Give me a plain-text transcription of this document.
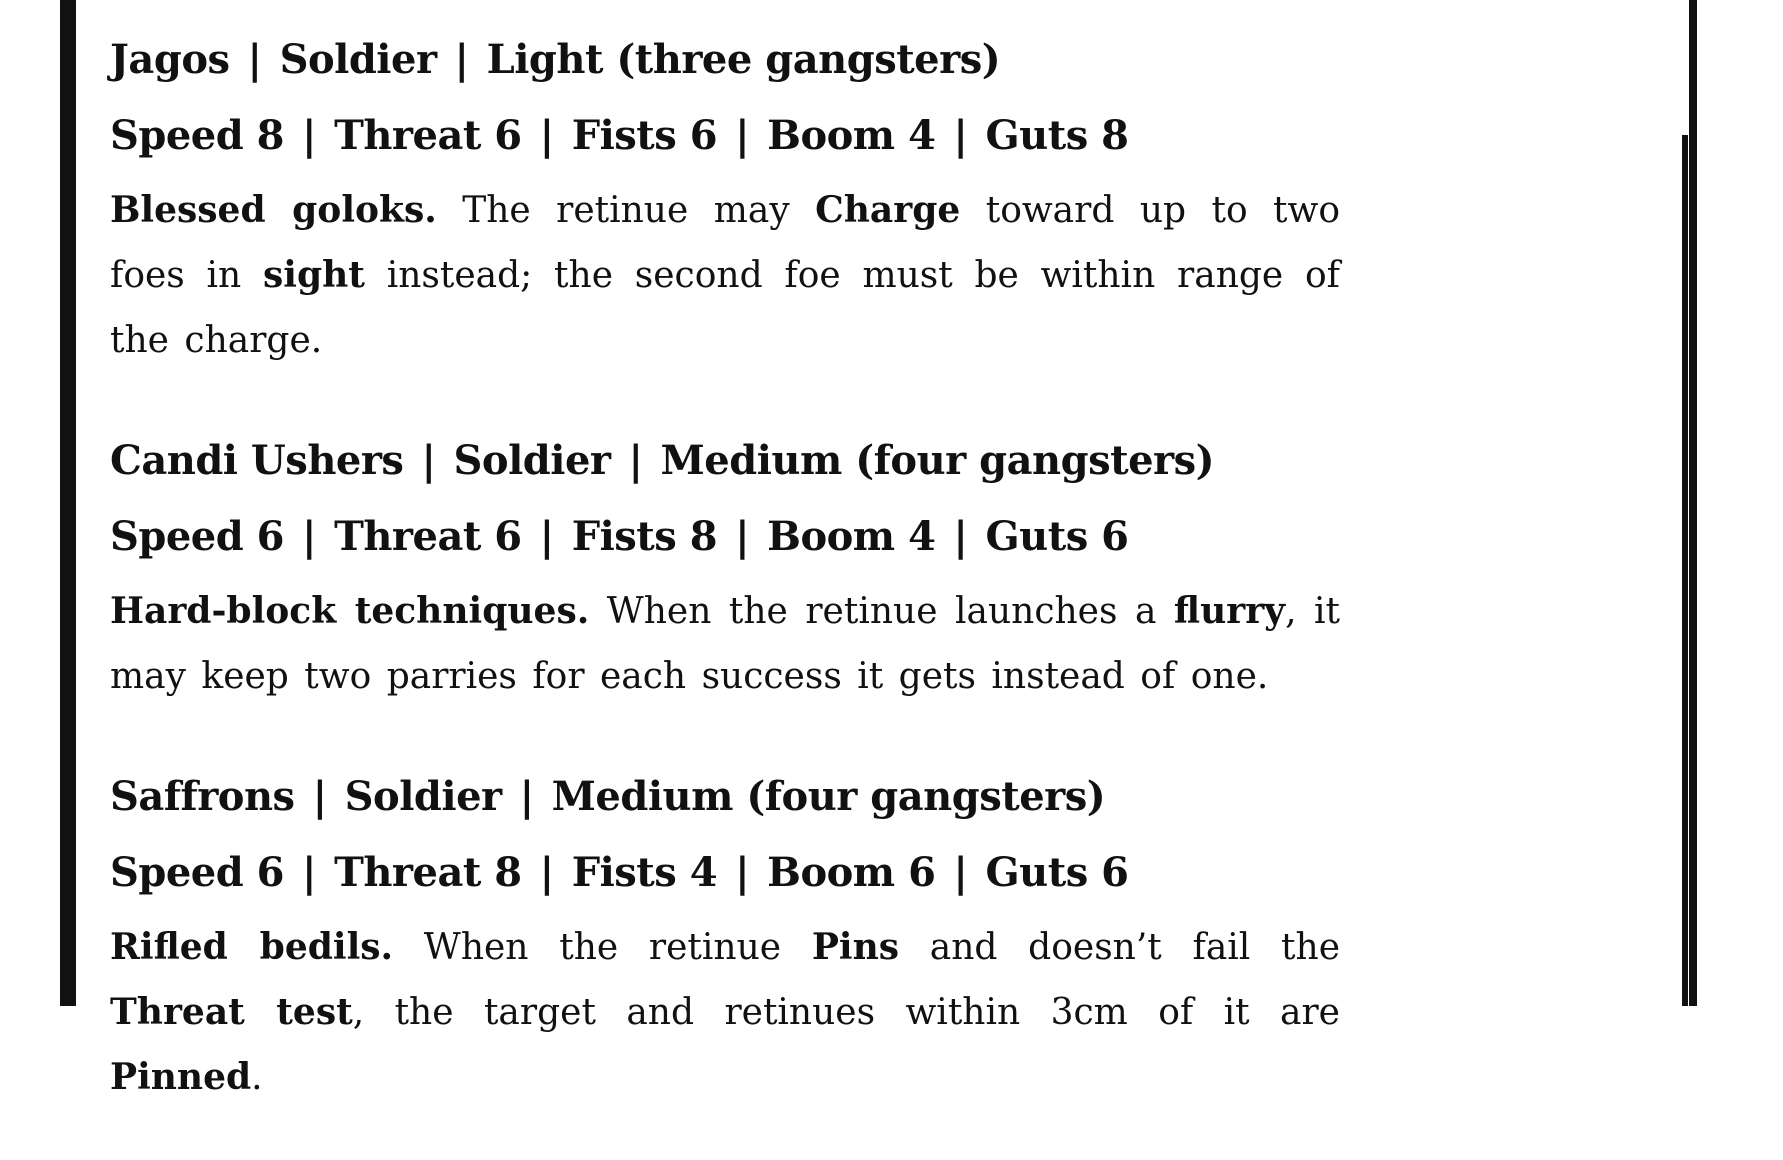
Jagos | Soldier | Light (three gangsters)
Speed 8 | Threat 6 | Fists 6 | Boom 4 | Guts 8
Blessed goloks. The retinue may Charge toward up to two foes in sight instead; the second foe must be within range of the charge.
Candi Ushers | Soldier | Medium (four gangsters)
Speed 6 | Threat 6 | Fists 8 | Boom 4 | Guts 6
Hard-block techniques. When the retinue launches a flurry, it may keep two parries for each success it gets instead of one.
Saffrons | Soldier | Medium (four gangsters)
Speed 6 | Threat 8 | Fists 4 | Boom 6 | Guts 6
Rifled bedils. When the retinue Pins and doesn’t fail the Threat test, the target and retinues within 3cm of it are Pinned.
